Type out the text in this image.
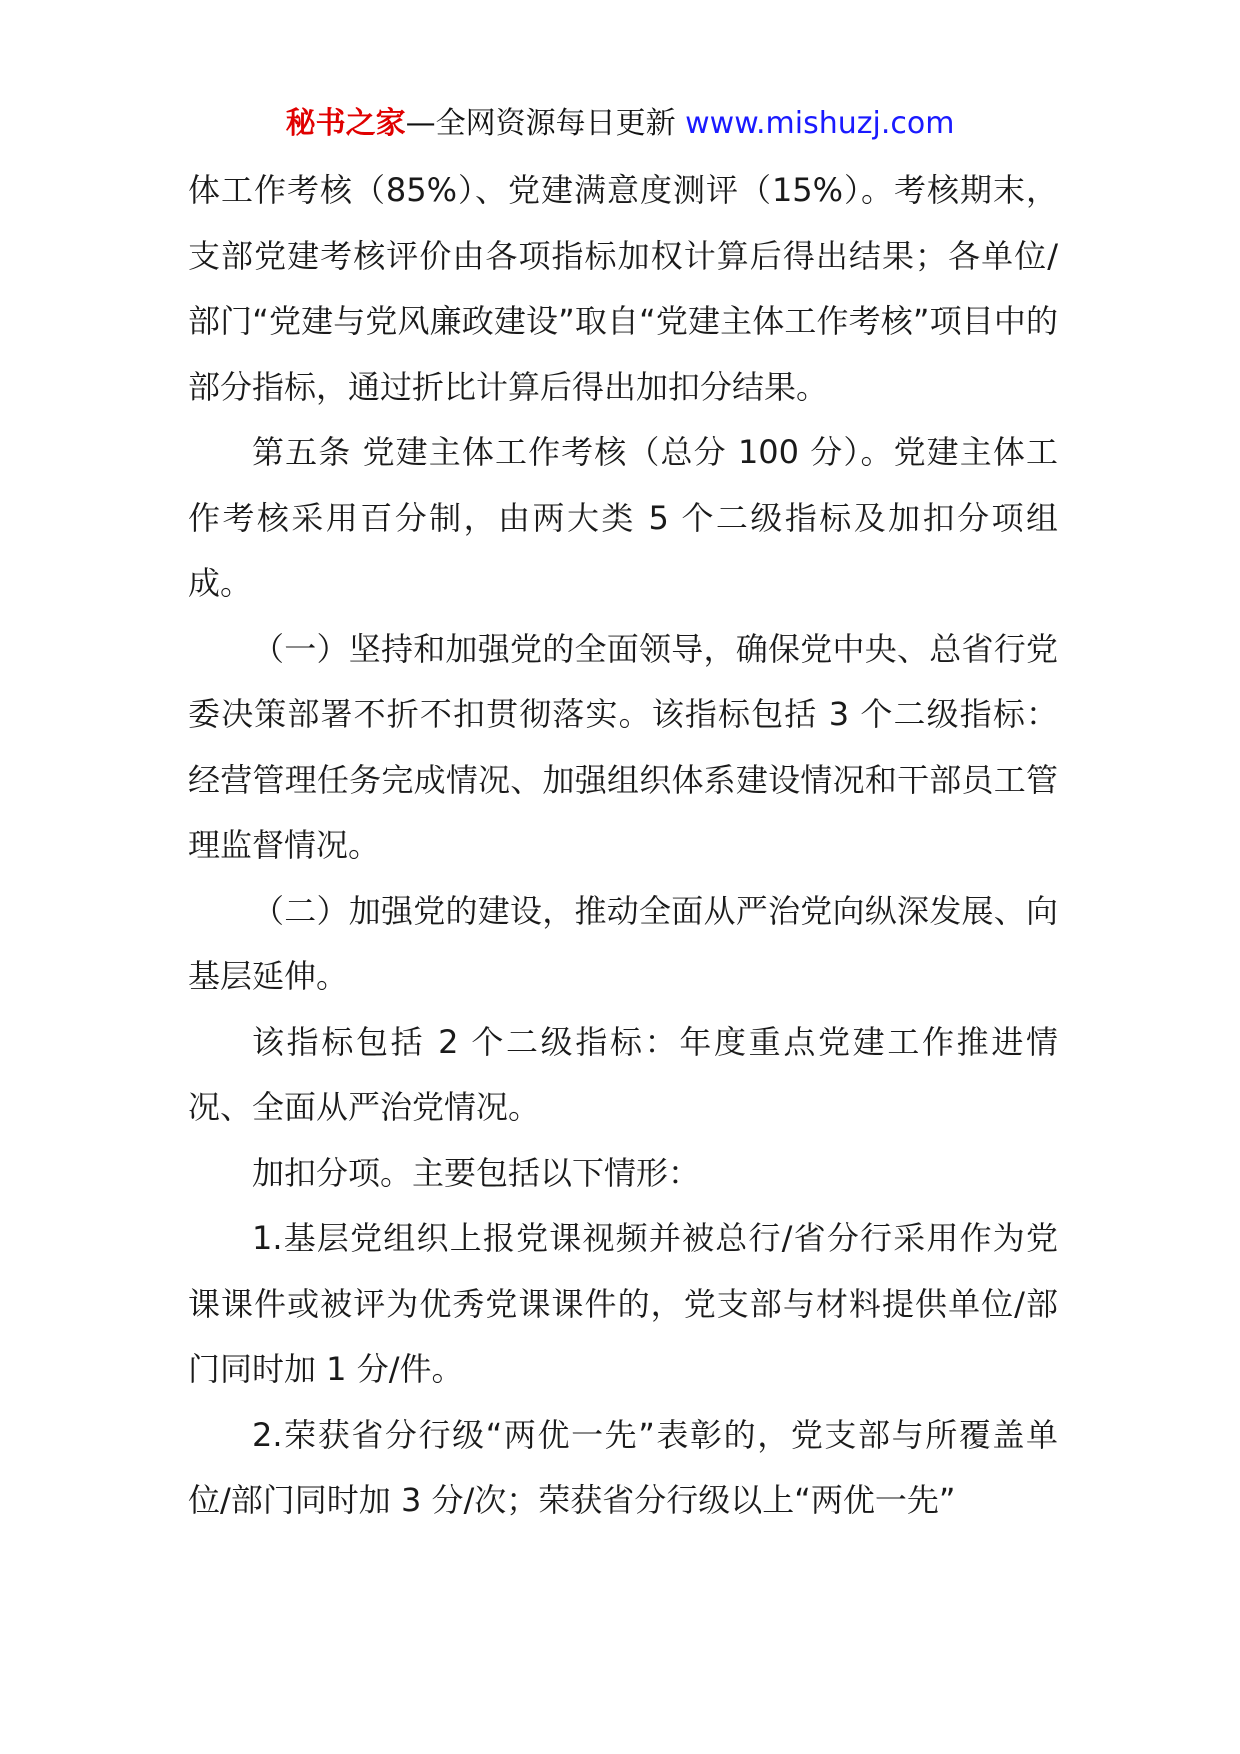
秘书之家—全网资源每日更新 www.mishuzj.com

体工作考核（85%）、党建满意度测评（15%）。考核期末，支部党建考核评价由各项指标加权计算后得出结果；各单位/部门“党建与党风廉政建设”取自“党建主体工作考核”项目中的部分指标，通过折比计算后得出加扣分结果。

第五条 党建主体工作考核（总分 100 分）。党建主体工作考核采用百分制，由两大类 5 个二级指标及加扣分项组成。

（一）坚持和加强党的全面领导，确保党中央、总省行党委决策部署不折不扣贯彻落实。该指标包括 3 个二级指标：经营管理任务完成情况、加强组织体系建设情况和干部员工管理监督情况。

（二）加强党的建设，推动全面从严治党向纵深发展、向基层延伸。

该指标包括 2 个二级指标：年度重点党建工作推进情况、全面从严治党情况。

加扣分项。主要包括以下情形：

1.基层党组织上报党课视频并被总行/省分行采用作为党课课件或被评为优秀党课课件的，党支部与材料提供单位/部门同时加 1 分/件。

2.荣获省分行级“两优一先”表彰的，党支部与所覆盖单位/部门同时加 3 分/次；荣获省分行级以上“两优一先”
